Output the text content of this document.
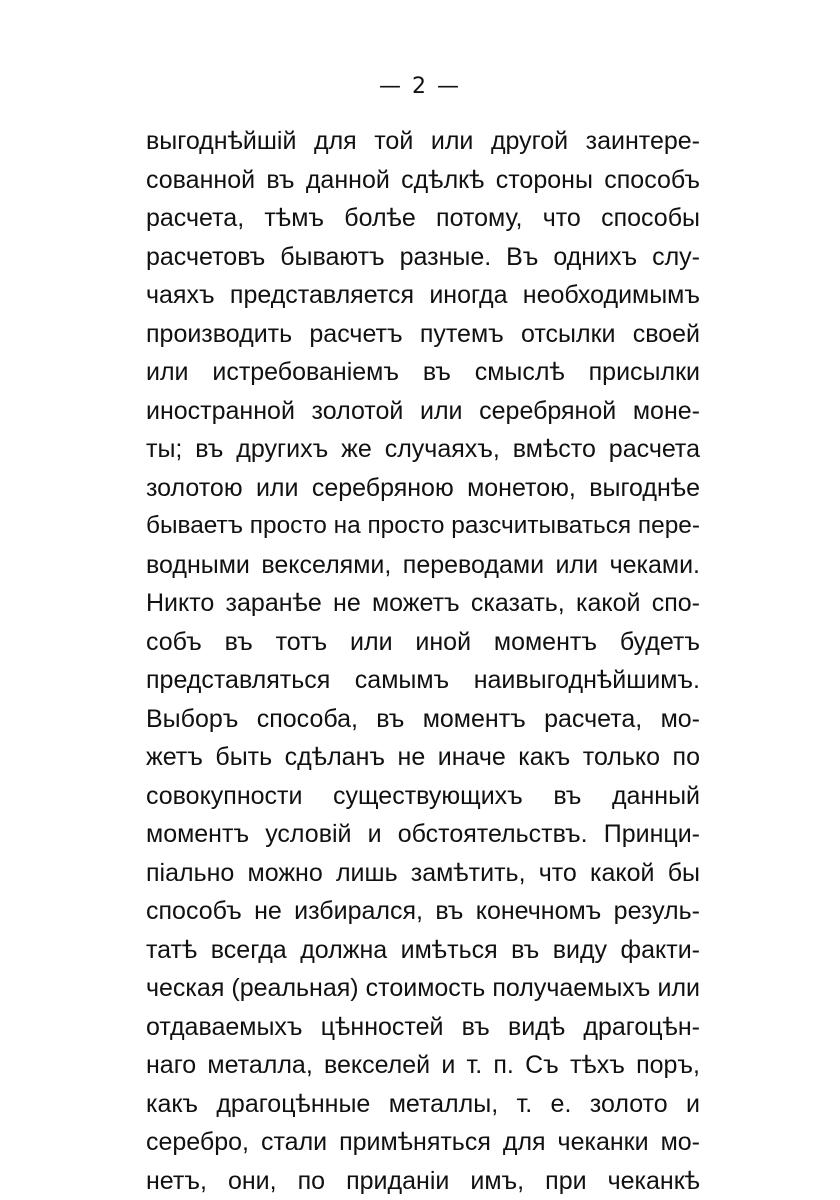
— 2 —
выгоднѣйшій для той или другой заинтере-
сованной въ данной сдѣлкѣ стороны способъ
расчета, тѣмъ болѣе потому, что способы
расчетовъ бываютъ разные. Въ однихъ слу-
чаяхъ представляется иногда необходимымъ
производить расчетъ путемъ отсылки своей
или истребованіемъ въ смыслѣ присылки
иностранной золотой или серебряной моне-
ты; въ другихъ же случаяхъ, вмѣсто расчета
золотою или серебряною монетою, выгоднѣе
бываетъ просто на просто разсчитываться пере-
водными векселями, переводами или чеками.
Никто заранѣе не можетъ сказать, какой спо-
собъ въ тотъ или иной моментъ будетъ
представляться самымъ наивыгоднѣйшимъ.
Выборъ способа, въ моментъ расчета, мо-
жетъ быть сдѣланъ не иначе какъ только по
совокупности существующихъ въ данный
моментъ условій и обстоятельствъ. Принци-
піально можно лишь замѣтить, что какой бы
способъ не избирался, въ конечномъ резуль-
татѣ всегда должна имѣться въ виду факти-
ческая (реальная) стоимость получаемыхъ или
отдаваемыхъ цѣнностей въ видѣ драгоцѣн-
наго металла, векселей и т. п. Съ тѣхъ поръ,
какъ драгоцѣнные металлы, т. е. золото и
серебро, стали примѣняться для чеканки мо-
нетъ, они, по приданіи имъ, при чеканкѣ
